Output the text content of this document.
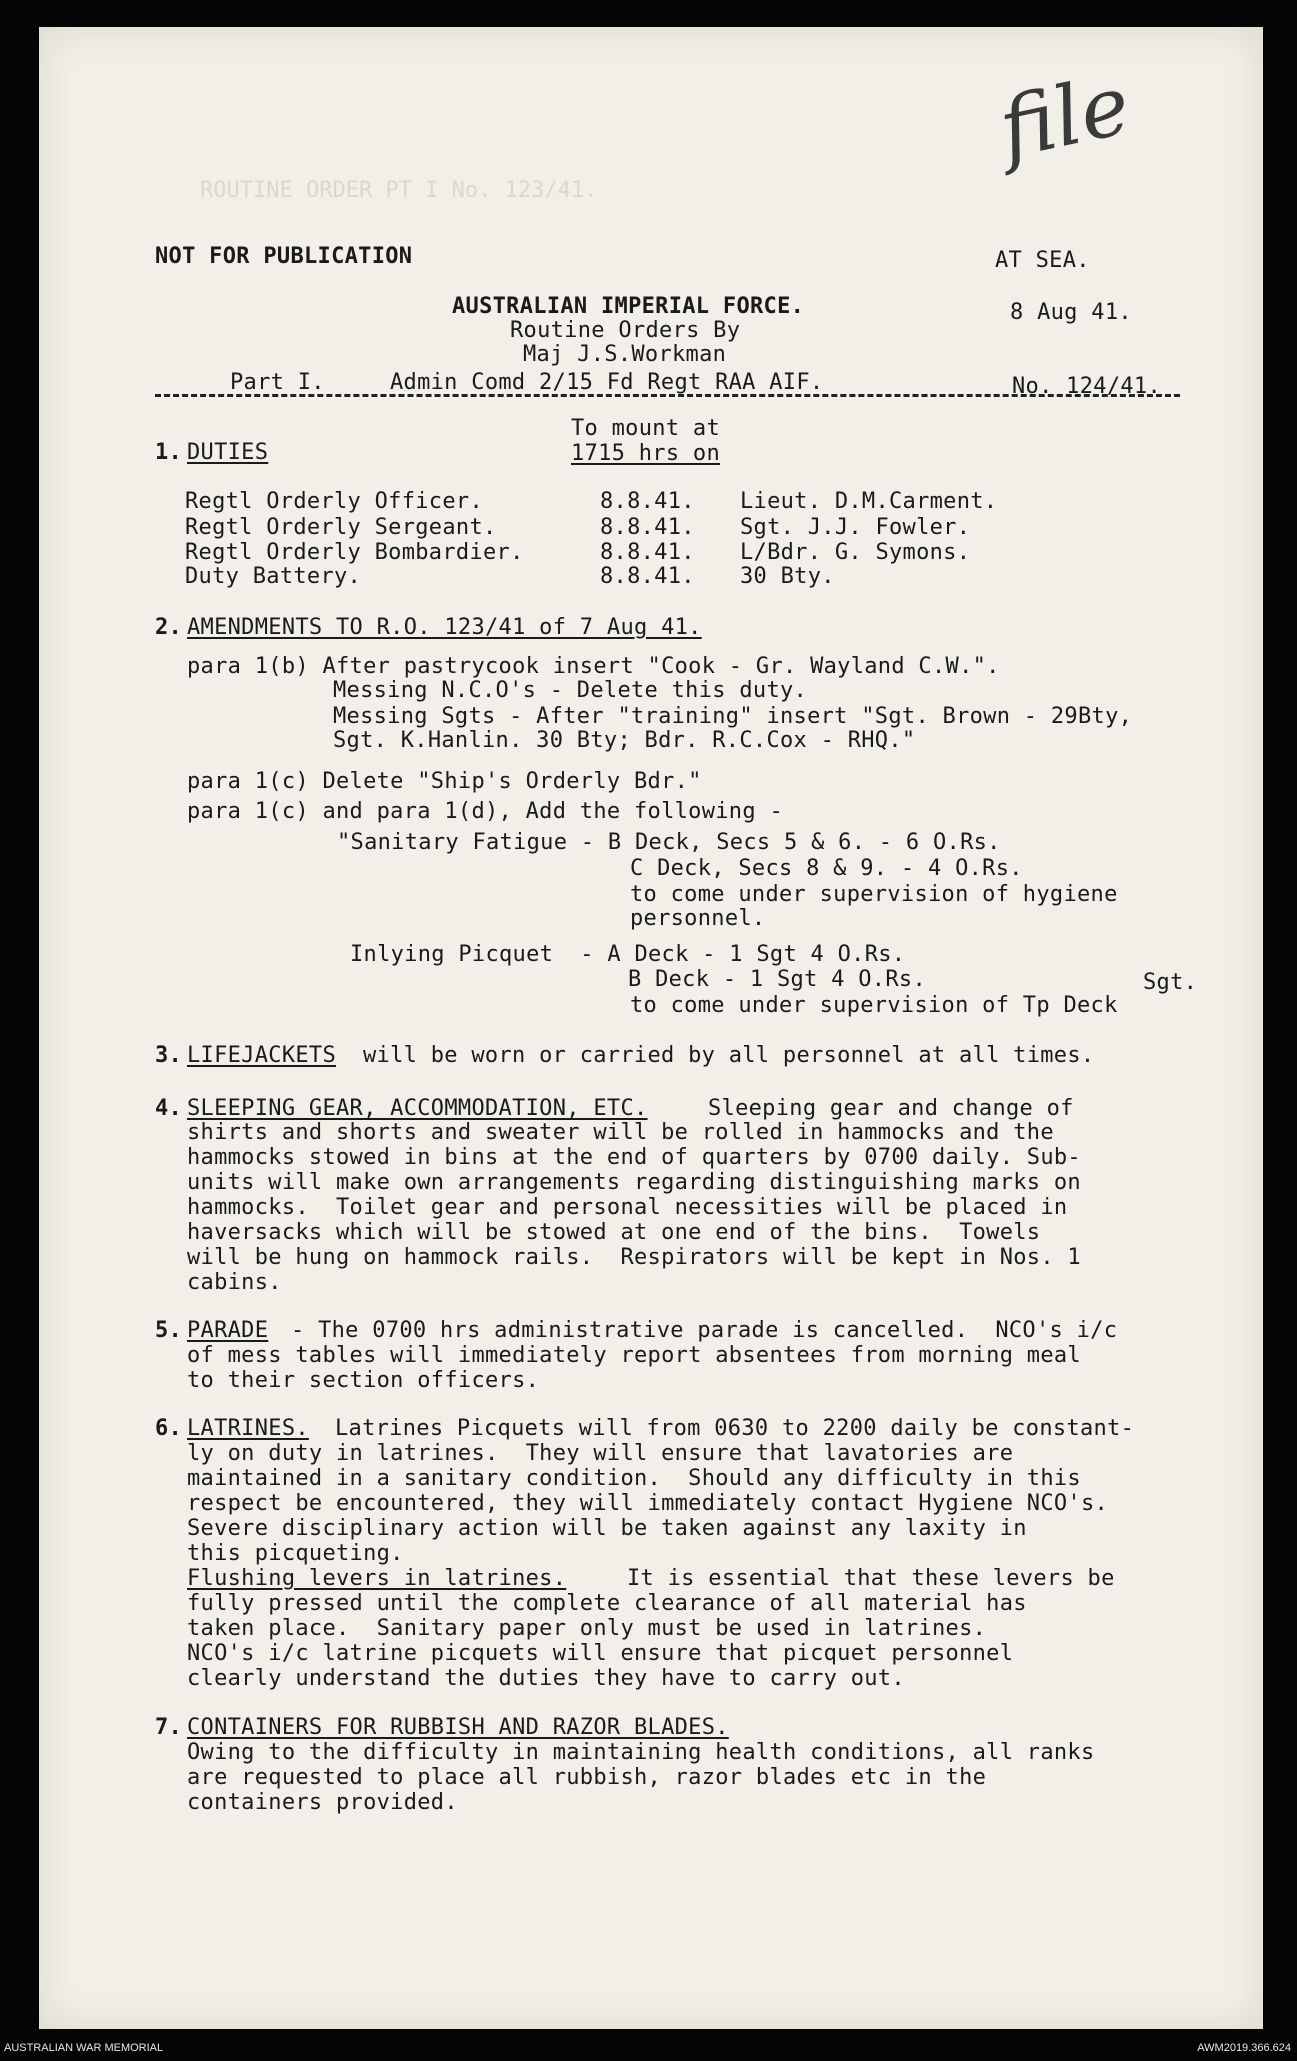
file
ROUTINE ORDER PT I No. 123/41.
NOT FOR PUBLICATION	AT SEA.
AUSTRALIAN IMPERIAL FORCE.	8 Aug 41.
Routine Orders By
Maj J.S.Workman
Part I.	Admin Comd 2/15 Fd Regt RAA AIF.	No. 124/41.
To mount at
1. DUTIES	1715 hrs on
Regtl Orderly Officer.	8.8.41. Lieut. D.M.Carment.
Regtl Orderly Sergeant.	8.8.41. Sgt. J.J. Fowler.
Regtl Orderly Bombardier.	8.8.41. L/Bdr. G. Symons.
Duty Battery.	8.8.41. 30 Bty.
2. AMENDMENTS TO R.O. 123/41 of 7 Aug 41.
para 1(b) After pastrycook insert "Cook - Gr. Wayland C.W.".
Messing N.C.O's - Delete this duty.
Messing Sgts - After "training" insert "Sgt. Brown - 29Bty,
Sgt. K.Hanlin. 30 Bty; Bdr. R.C.Cox - RHQ."
para 1(c) Delete "Ship's Orderly Bdr."
para 1(c) and para 1(d), Add the following -
"Sanitary Fatigue - B Deck, Secs 5 & 6. - 6 O.Rs.
C Deck, Secs 8 & 9. - 4 O.Rs.
to come under supervision of hygiene
personnel.
Inlying Picquet  - A Deck - 1 Sgt 4 O.Rs.
B Deck - 1 Sgt 4 O.Rs.	Sgt.
to come under supervision of Tp Deck
3. LIFEJACKETS will be worn or carried by all personnel at all times.
4. SLEEPING GEAR, ACCOMMODATION, ETC.	Sleeping gear and change of
shirts and shorts and sweater will be rolled in hammocks and the
hammocks stowed in bins at the end of quarters by 0700 daily. Sub-
units will make own arrangements regarding distinguishing marks on
hammocks.  Toilet gear and personal necessities will be placed in
haversacks which will be stowed at one end of the bins.  Towels
will be hung on hammock rails.  Respirators will be kept in Nos. 1
cabins.
5. PARADE - The 0700 hrs administrative parade is cancelled.  NCO's i/c
of mess tables will immediately report absentees from morning meal
to their section officers.
6. LATRINES. Latrines Picquets will from 0630 to 2200 daily be constant-
ly on duty in latrines.  They will ensure that lavatories are
maintained in a sanitary condition.  Should any difficulty in this
respect be encountered, they will immediately contact Hygiene NCO's.
Severe disciplinary action will be taken against any laxity in
this picqueting.
Flushing levers in latrines.	It is essential that these levers be
fully pressed until the complete clearance of all material has
taken place.  Sanitary paper only must be used in latrines.
NCO's i/c latrine picquets will ensure that picquet personnel
clearly understand the duties they have to carry out.
7. CONTAINERS FOR RUBBISH AND RAZOR BLADES.
Owing to the difficulty in maintaining health conditions, all ranks
are requested to place all rubbish, razor blades etc in the
containers provided.
AUSTRALIAN WAR MEMORIAL	AWM2019.366.624
